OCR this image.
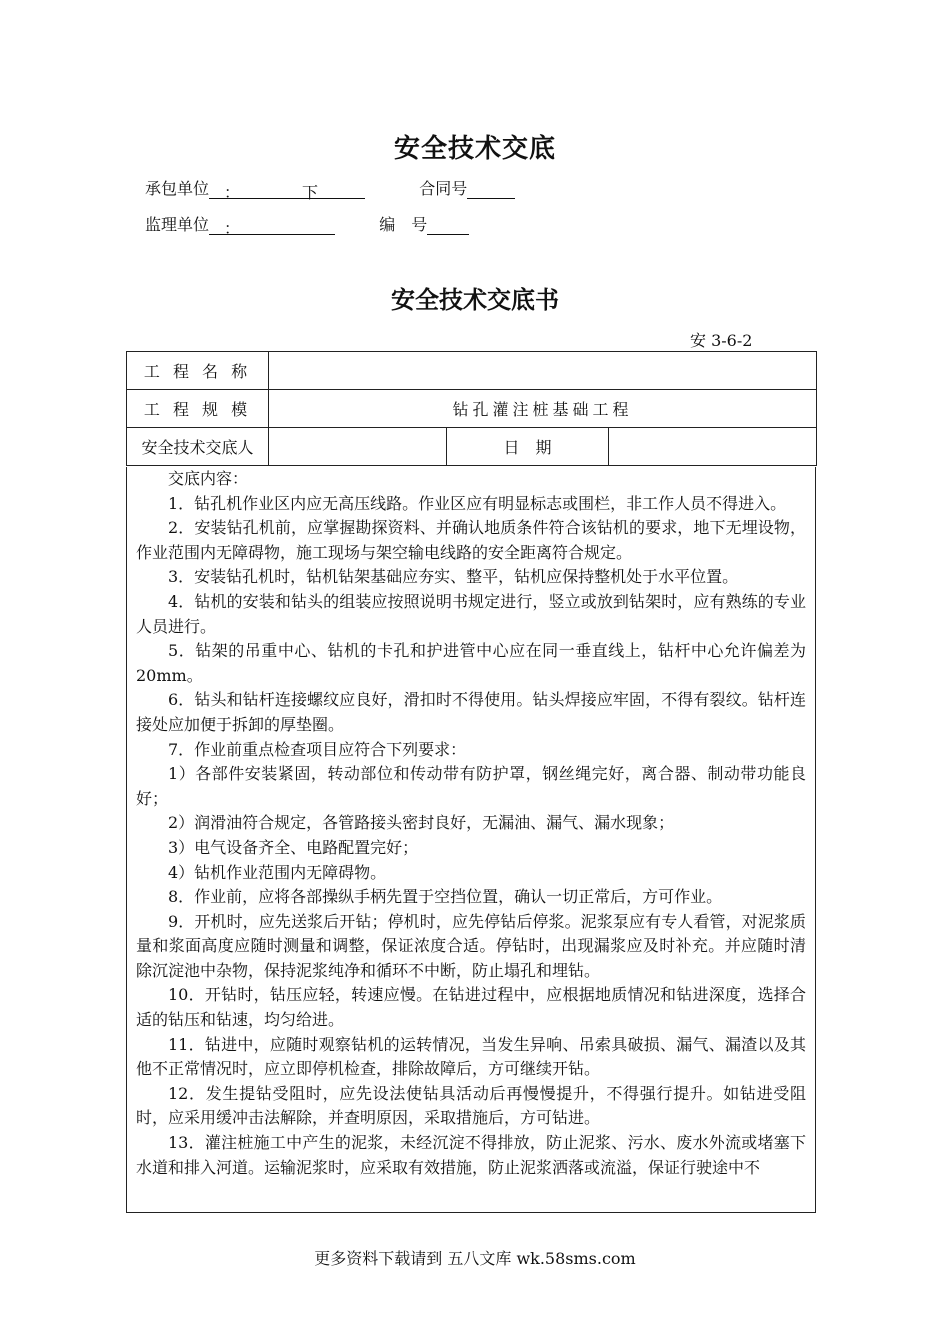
安全技术交底
承包单位 ：	下	合同号
监理单位 ：	编　号
安全技术交底书
安 3-6-2
工 程 名 称			
工 程 规 模	钻孔灌注桩基础工程		
安全技术交底人		日　期	

交底内容：

1．钻孔机作业区内应无高压线路。作业区应有明显标志或围栏，非工作人员不得进入。

2．安装钻孔机前，应掌握勘探资料、并确认地质条件符合该钻机的要求，地下无埋设物，作业范围内无障碍物，施工现场与架空输电线路的安全距离符合规定。

3．安装钻孔机时，钻机钻架基础应夯实、整平，钻机应保持整机处于水平位置。

4．钻机的安装和钻头的组装应按照说明书规定进行，竖立或放到钻架时，应有熟练的专业人员进行。

5．钻架的吊重中心、钻机的卡孔和护进管中心应在同一垂直线上，钻杆中心允许偏差为20mm。

6．钻头和钻杆连接螺纹应良好，滑扣时不得使用。钻头焊接应牢固，不得有裂纹。钻杆连接处应加便于拆卸的厚垫圈。

7．作业前重点检查项目应符合下列要求：

1）各部件安装紧固，转动部位和传动带有防护罩，钢丝绳完好，离合器、制动带功能良好；

2）润滑油符合规定，各管路接头密封良好，无漏油、漏气、漏水现象；

3）电气设备齐全、电路配置完好；

4）钻机作业范围内无障碍物。

8．作业前，应将各部操纵手柄先置于空挡位置，确认一切正常后，方可作业。

9．开机时，应先送浆后开钻；停机时，应先停钻后停浆。泥浆泵应有专人看管，对泥浆质量和浆面高度应随时测量和调整，保证浓度合适。停钻时，出现漏浆应及时补充。并应随时清除沉淀池中杂物，保持泥浆纯净和循环不中断，防止塌孔和埋钻。

10．开钻时，钻压应轻，转速应慢。在钻进过程中，应根据地质情况和钻进深度，选择合适的钻压和钻速，均匀给进。

11．钻进中，应随时观察钻机的运转情况，当发生异响、吊索具破损、漏气、漏渣以及其他不正常情况时，应立即停机检查，排除故障后，方可继续开钻。

12．发生提钻受阻时，应先设法使钻具活动后再慢慢提升，不得强行提升。如钻进受阻时，应采用缓冲击法解除，并查明原因，采取措施后，方可钻进。

13．灌注桩施工中产生的泥浆，未经沉淀不得排放，防止泥浆、污水、废水外流或堵塞下水道和排入河道。运输泥浆时，应采取有效措施，防止泥浆洒落或流溢，保证行驶途中不

更多资料下载请到 五八文库 wk.58sms.com
